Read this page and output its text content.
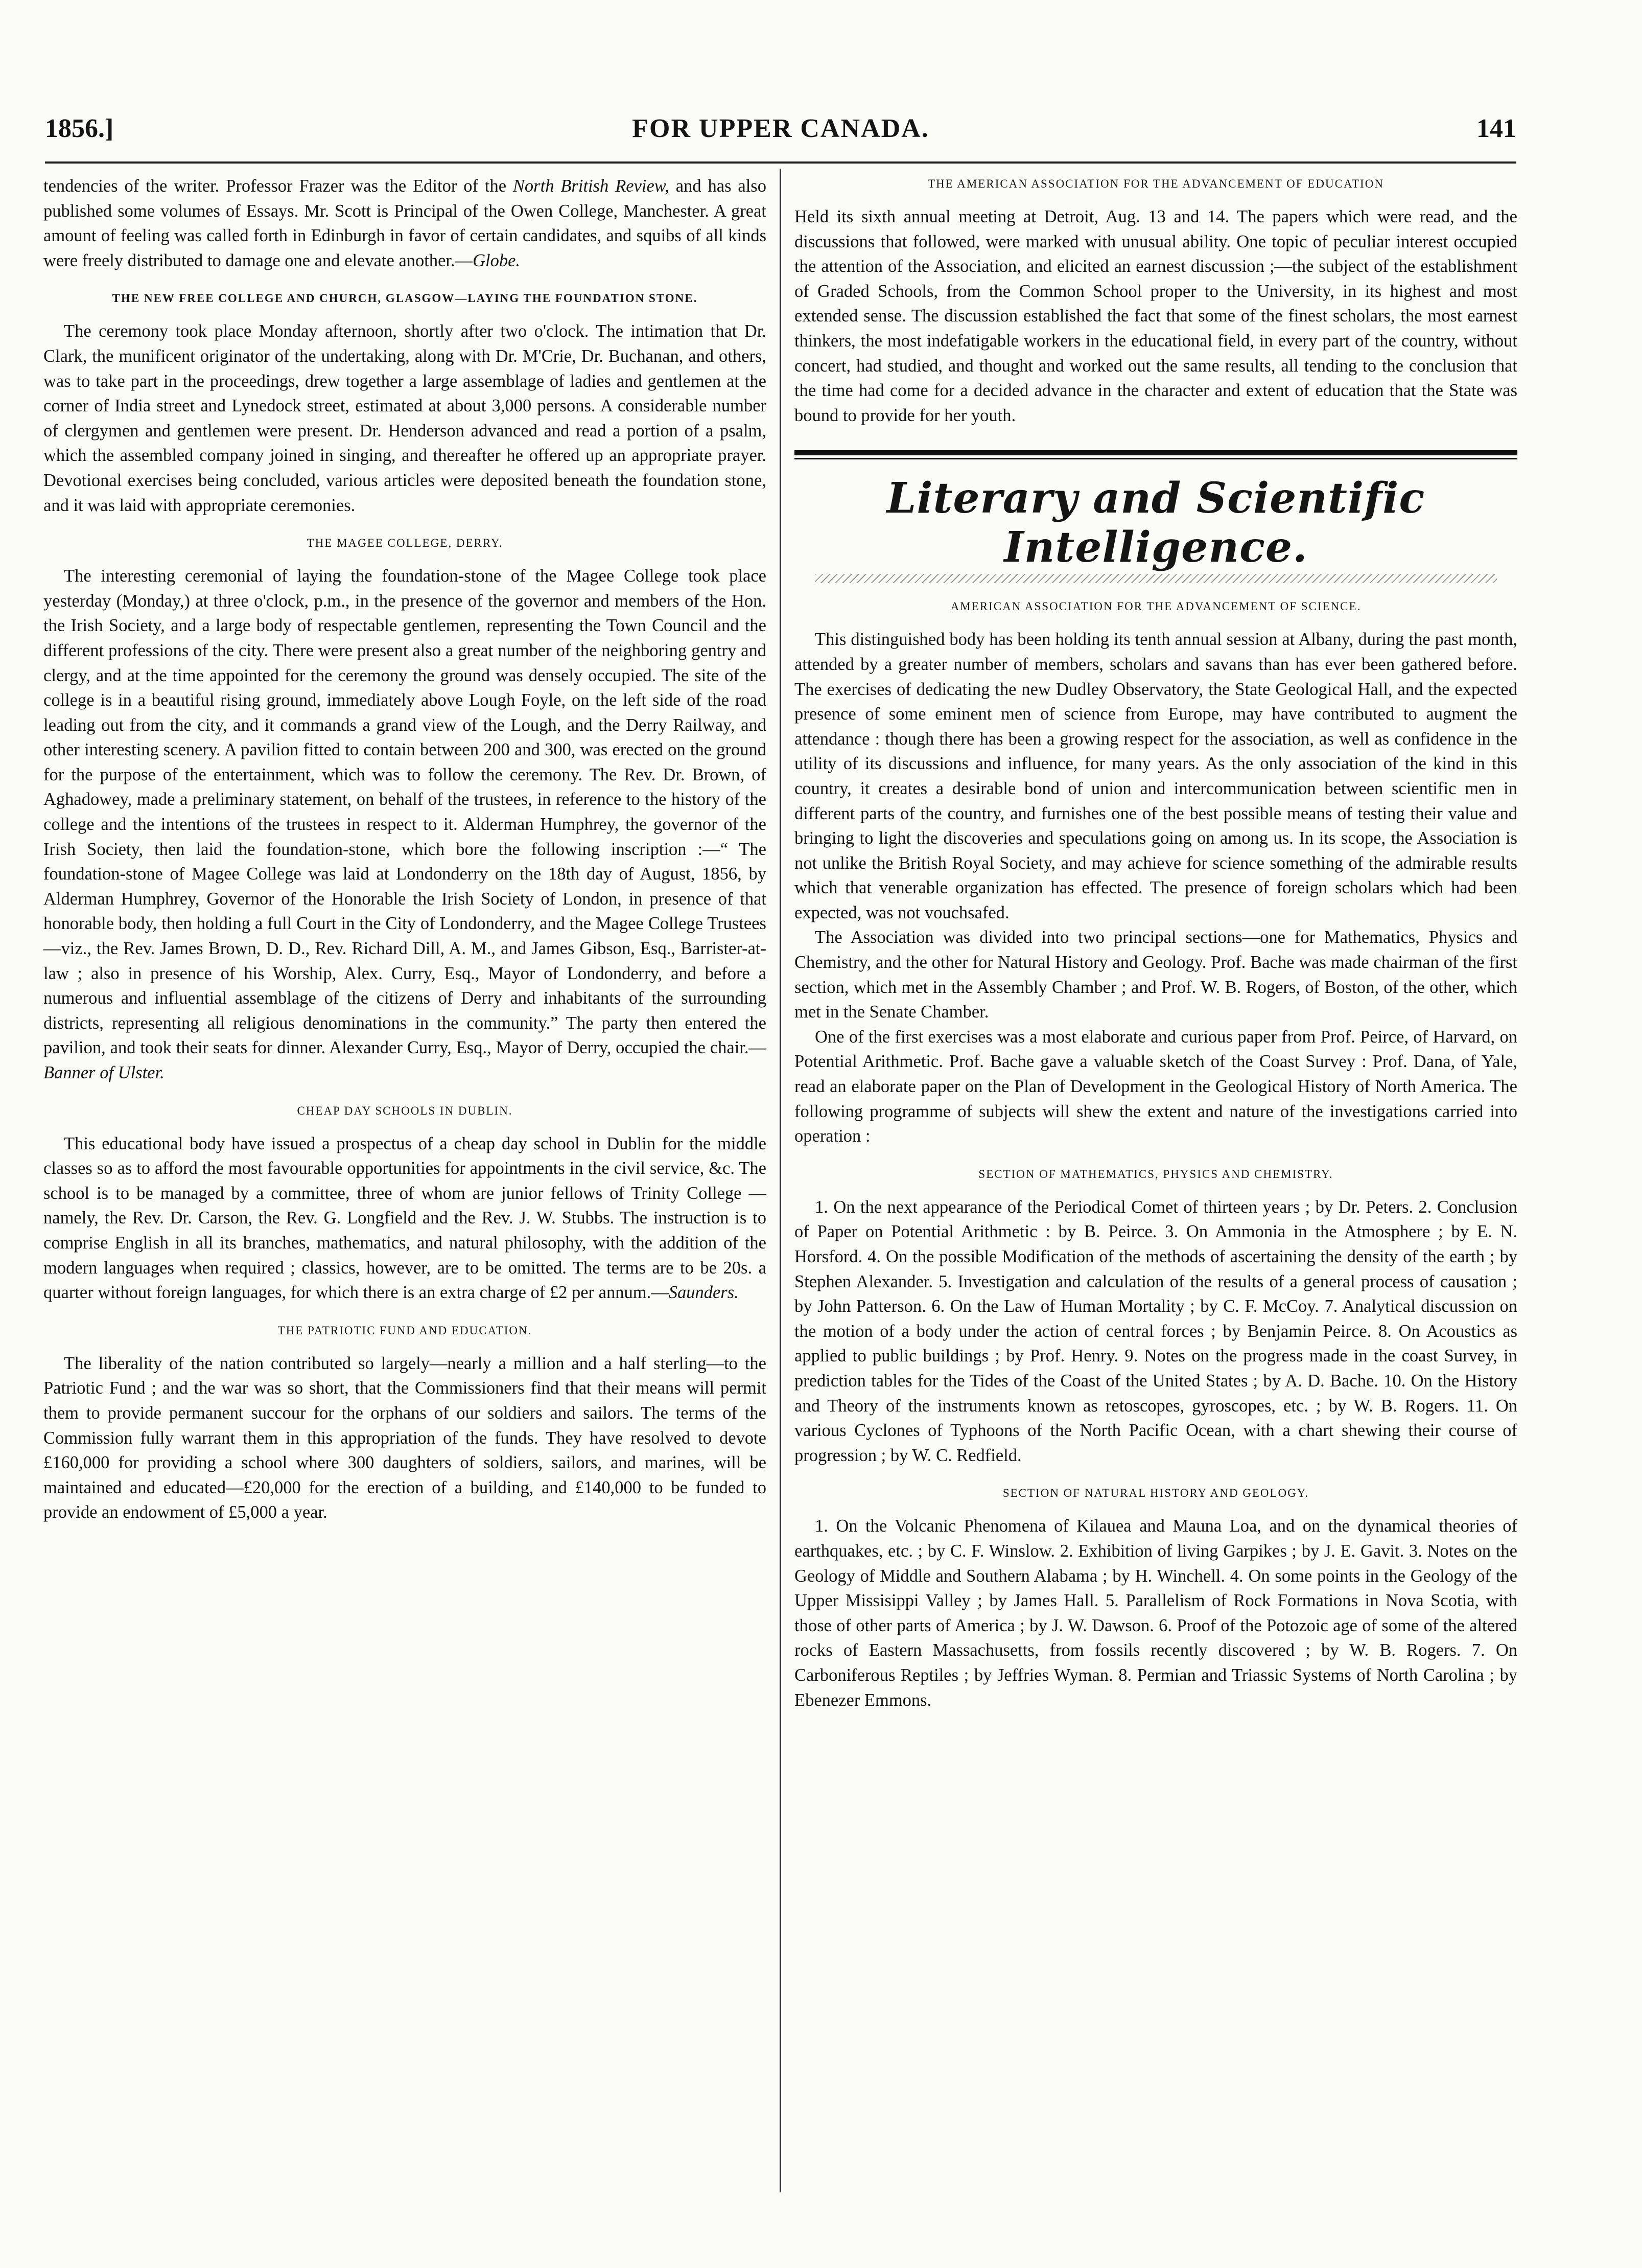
1856.]	FOR UPPER CANADA.	141

tendencies of the writer. Professor Frazer was the Editor of the North British Review, and has also published some volumes of Essays. Mr. Scott is Principal of the Owen College, Manchester. A great amount of feeling was called forth in Edinburgh in favor of certain candidates, and squibs of all kinds were freely distributed to damage one and elevate another.—Globe.

THE NEW FREE COLLEGE AND CHURCH, GLASGOW—LAYING THE FOUNDATION STONE.

The ceremony took place Monday afternoon, shortly after two o'clock. The intimation that Dr. Clark, the munificent originator of the undertaking, along with Dr. M'Crie, Dr. Buchanan, and others, was to take part in the proceedings, drew together a large assemblage of ladies and gentlemen at the corner of India street and Lynedock street, estimated at about 3,000 persons. A considerable number of clergymen and gentlemen were present. Dr. Henderson advanced and read a portion of a psalm, which the assembled company joined in singing, and thereafter he offered up an appropriate prayer. Devotional exercises being concluded, various articles were deposited beneath the foundation stone, and it was laid with appropriate ceremonies.

THE MAGEE COLLEGE, DERRY.

The interesting ceremonial of laying the foundation-stone of the Magee College took place yesterday (Monday,) at three o'clock, p.m., in the presence of the governor and members of the Hon. the Irish Society, and a large body of respectable gentlemen, representing the Town Council and the different professions of the city. There were present also a great number of the neighboring gentry and clergy, and at the time appointed for the ceremony the ground was densely occupied. The site of the college is in a beautiful rising ground, immediately above Lough Foyle, on the left side of the road leading out from the city, and it commands a grand view of the Lough, and the Derry Railway, and other interesting scenery. A pavilion fitted to contain between 200 and 300, was erected on the ground for the purpose of the entertainment, which was to follow the ceremony. The Rev. Dr. Brown, of Aghadowey, made a preliminary statement, on behalf of the trustees, in reference to the history of the college and the intentions of the trustees in respect to it. Alderman Humphrey, the governor of the Irish Society, then laid the foundation-stone, which bore the following inscription :—“ The foundation-stone of Magee College was laid at Londonderry on the 18th day of August, 1856, by Alderman Humphrey, Governor of the Honorable the Irish Society of London, in presence of that honorable body, then holding a full Court in the City of Londonderry, and the Magee College Trustees—viz., the Rev. James Brown, D. D., Rev. Richard Dill, A. M., and James Gibson, Esq., Barrister-at-law ; also in presence of his Worship, Alex. Curry, Esq., Mayor of Londonderry, and before a numerous and influential assemblage of the citizens of Derry and inhabitants of the surrounding districts, representing all religious denominations in the community.” The party then entered the pavilion, and took their seats for dinner. Alexander Curry, Esq., Mayor of Derry, occupied the chair.—Banner of Ulster.

CHEAP DAY SCHOOLS IN DUBLIN.

This educational body have issued a prospectus of a cheap day school in Dublin for the middle classes so as to afford the most favourable opportunities for appointments in the civil service, &c. The school is to be managed by a committee, three of whom are junior fellows of Trinity College —namely, the Rev. Dr. Carson, the Rev. G. Longfield and the Rev. J. W. Stubbs. The instruction is to comprise English in all its branches, mathematics, and natural philosophy, with the addition of the modern languages when required ; classics, however, are to be omitted. The terms are to be 20s. a quarter without foreign languages, for which there is an extra charge of £2 per annum.—Saunders.

THE PATRIOTIC FUND AND EDUCATION.

The liberality of the nation contributed so largely—nearly a million and a half sterling—to the Patriotic Fund ; and the war was so short, that the Commissioners find that their means will permit them to provide permanent succour for the orphans of our soldiers and sailors. The terms of the Commission fully warrant them in this appropriation of the funds. They have resolved to devote £160,000 for providing a school where 300 daughters of soldiers, sailors, and marines, will be maintained and educated—£20,000 for the erection of a building, and £140,000 to be funded to provide an endowment of £5,000 a year.

THE AMERICAN ASSOCIATION FOR THE ADVANCEMENT OF EDUCATION

Held its sixth annual meeting at Detroit, Aug. 13 and 14. The papers which were read, and the discussions that followed, were marked with unusual ability. One topic of peculiar interest occupied the attention of the Association, and elicited an earnest discussion ;—the subject of the establishment of Graded Schools, from the Common School proper to the University, in its highest and most extended sense. The discussion established the fact that some of the finest scholars, the most earnest thinkers, the most indefatigable workers in the educational field, in every part of the country, without concert, had studied, and thought and worked out the same results, all tending to the conclusion that the time had come for a decided advance in the character and extent of education that the State was bound to provide for her youth.

Literary and Scientific Intelligence.
AMERICAN ASSOCIATION FOR THE ADVANCEMENT OF SCIENCE.

This distinguished body has been holding its tenth annual session at Albany, during the past month, attended by a greater number of members, scholars and savans than has ever been gathered before. The exercises of dedicating the new Dudley Observatory, the State Geological Hall, and the expected presence of some eminent men of science from Europe, may have contributed to augment the attendance : though there has been a growing respect for the association, as well as confidence in the utility of its discussions and influence, for many years. As the only association of the kind in this country, it creates a desirable bond of union and intercommunication between scientific men in different parts of the country, and furnishes one of the best possible means of testing their value and bringing to light the discoveries and speculations going on among us. In its scope, the Association is not unlike the British Royal Society, and may achieve for science something of the admirable results which that venerable organization has effected. The presence of foreign scholars which had been expected, was not vouchsafed.

The Association was divided into two principal sections—one for Mathematics, Physics and Chemistry, and the other for Natural History and Geology. Prof. Bache was made chairman of the first section, which met in the Assembly Chamber ; and Prof. W. B. Rogers, of Boston, of the other, which met in the Senate Chamber.

One of the first exercises was a most elaborate and curious paper from Prof. Peirce, of Harvard, on Potential Arithmetic. Prof. Bache gave a valuable sketch of the Coast Survey : Prof. Dana, of Yale, read an elaborate paper on the Plan of Development in the Geological History of North America. The following programme of subjects will shew the extent and nature of the investigations carried into operation :

SECTION OF MATHEMATICS, PHYSICS AND CHEMISTRY.

1. On the next appearance of the Periodical Comet of thirteen years ; by Dr. Peters. 2. Conclusion of Paper on Potential Arithmetic : by B. Peirce. 3. On Ammonia in the Atmosphere ; by E. N. Horsford. 4. On the possible Modification of the methods of ascertaining the density of the earth ; by Stephen Alexander. 5. Investigation and calculation of the results of a general process of causation ; by John Patterson. 6. On the Law of Human Mortality ; by C. F. McCoy. 7. Analytical discussion on the motion of a body under the action of central forces ; by Benjamin Peirce. 8. On Acoustics as applied to public buildings ; by Prof. Henry. 9. Notes on the progress made in the coast Survey, in prediction tables for the Tides of the Coast of the United States ; by A. D. Bache. 10. On the History and Theory of the instruments known as retoscopes, gyroscopes, etc. ; by W. B. Rogers. 11. On various Cyclones of Typhoons of the North Pacific Ocean, with a chart shewing their course of progression ; by W. C. Redfield.

SECTION OF NATURAL HISTORY AND GEOLOGY.

1. On the Volcanic Phenomena of Kilauea and Mauna Loa, and on the dynamical theories of earthquakes, etc. ; by C. F. Winslow. 2. Exhibition of living Garpikes ; by J. E. Gavit. 3. Notes on the Geology of Middle and Southern Alabama ; by H. Winchell. 4. On some points in the Geology of the Upper Missisippi Valley ; by James Hall. 5. Parallelism of Rock Formations in Nova Scotia, with those of other parts of America ; by J. W. Dawson. 6. Proof of the Potozoic age of some of the altered rocks of Eastern Massachusetts, from fossils recently discovered ; by W. B. Rogers. 7. On Carboniferous Reptiles ; by Jeffries Wyman. 8. Permian and Triassic Systems of North Carolina ; by Ebenezer Emmons.
